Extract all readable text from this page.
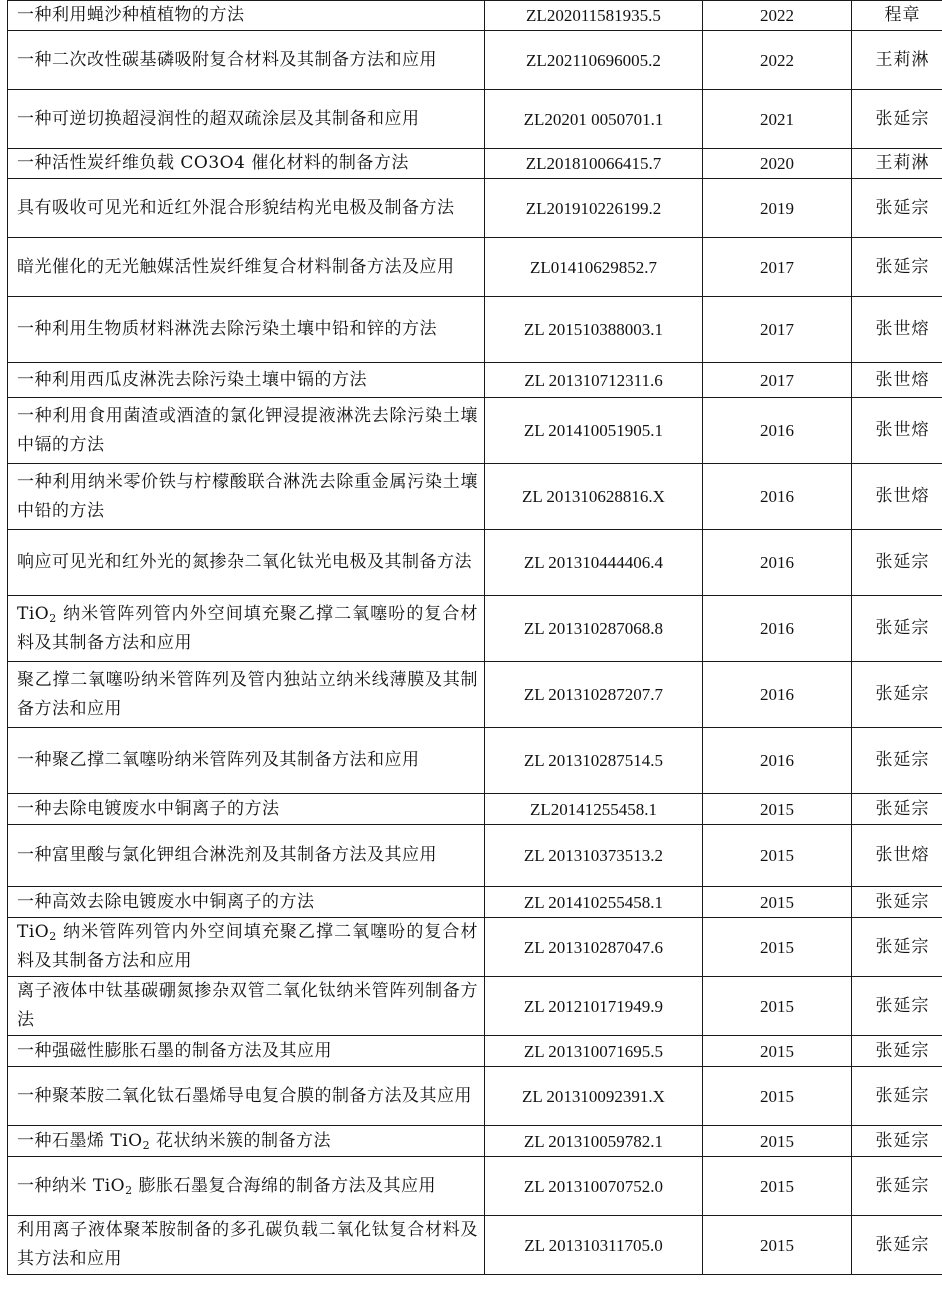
一种利用蝇沙种植植物的方法	ZL202011581935.5	2022	程章
一种二次改性碳基磷吸附复合材料及其制备方法和应用	ZL202110696005.2	2022	王莉淋
一种可逆切换超浸润性的超双疏涂层及其制备和应用	ZL20201 0050701.1	2021	张延宗
一种活性炭纤维负载 CO3O4 催化材料的制备方法	ZL201810066415.7	2020	王莉淋
具有吸收可见光和近红外混合形貌结构光电极及制备方法	ZL201910226199.2	2019	张延宗
暗光催化的无光触媒活性炭纤维复合材料制备方法及应用	ZL01410629852.7	2017	张延宗
一种利用生物质材料淋洗去除污染土壤中铅和锌的方法	ZL 201510388003.1	2017	张世熔
一种利用西瓜皮淋洗去除污染土壤中镉的方法	ZL 201310712311.6	2017	张世熔
一种利用食用菌渣或酒渣的氯化钾浸提液淋洗去除污染土壤中镉的方法	ZL 201410051905.1	2016	张世熔
一种利用纳米零价铁与柠檬酸联合淋洗去除重金属污染土壤中铅的方法	ZL 201310628816.X	2016	张世熔
响应可见光和红外光的氮掺杂二氧化钛光电极及其制备方法	ZL 201310444406.4	2016	张延宗
TiO$_2$ 纳米管阵列管内外空间填充聚乙撑二氧噻吩的复合材料及其制备方法和应用	ZL 201310287068.8	2016	张延宗
聚乙撑二氧噻吩纳米管阵列及管内独站立纳米线薄膜及其制备方法和应用	ZL 201310287207.7	2016	张延宗
一种聚乙撑二氧噻吩纳米管阵列及其制备方法和应用	ZL 201310287514.5	2016	张延宗
一种去除电镀废水中铜离子的方法	ZL20141255458.1	2015	张延宗
一种富里酸与氯化钾组合淋洗剂及其制备方法及其应用	ZL 201310373513.2	2015	张世熔
一种高效去除电镀废水中铜离子的方法	ZL 201410255458.1	2015	张延宗
TiO$_2$ 纳米管阵列管内外空间填充聚乙撑二氧噻吩的复合材料及其制备方法和应用	ZL 201310287047.6	2015	张延宗
离子液体中钛基碳硼氮掺杂双管二氧化钛纳米管阵列制备方法	ZL 201210171949.9	2015	张延宗
一种强磁性膨胀石墨的制备方法及其应用	ZL 201310071695.5	2015	张延宗
一种聚苯胺二氧化钛石墨烯导电复合膜的制备方法及其应用	ZL 201310092391.X	2015	张延宗
一种石墨烯 TiO$_2$ 花状纳米簇的制备方法	ZL 201310059782.1	2015	张延宗
一种纳米 TiO$_2$ 膨胀石墨复合海绵的制备方法及其应用	ZL 201310070752.0	2015	张延宗
利用离子液体聚苯胺制备的多孔碳负载二氧化钛复合材料及其方法和应用	ZL 201310311705.0	2015	张延宗
